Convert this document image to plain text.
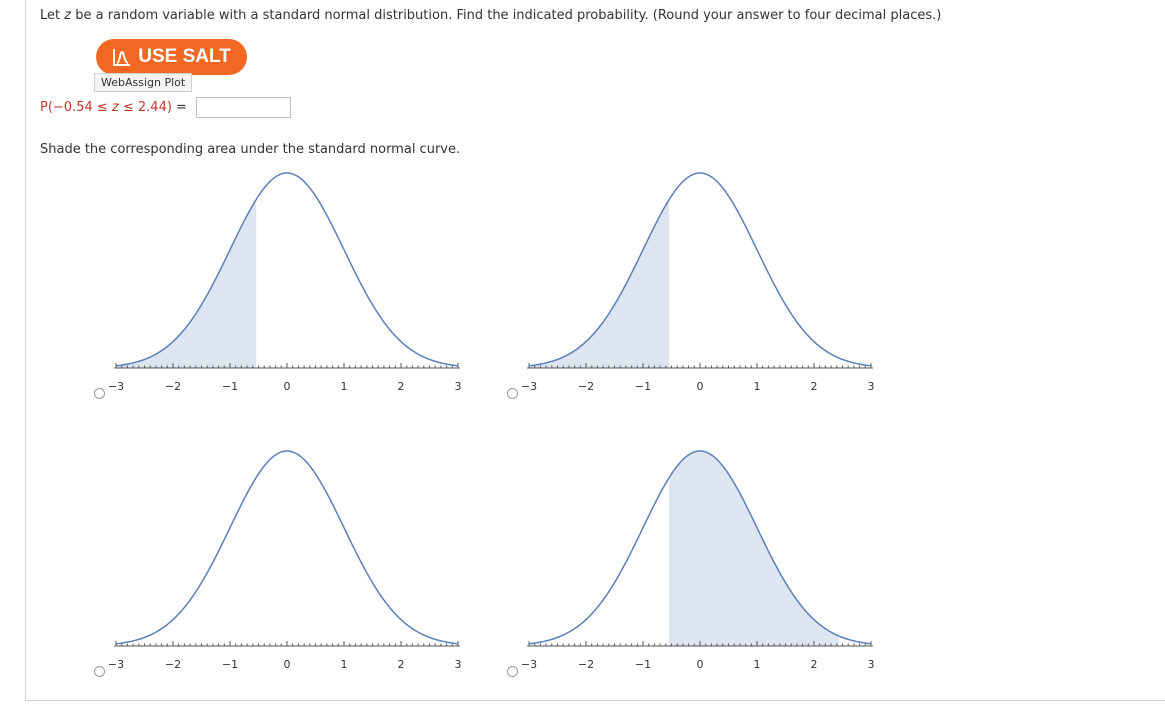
Let z be a random variable with a standard normal distribution. Find the indicated probability. (Round your answer to four decimal places.)
USE SALT
WebAssign Plot
P(−0.54 ≤ z ≤ 2.44) =
Shade the corresponding area under the standard normal curve.
−3	−2	−1	0	1	2	3	−3	−2	−1	0	1	2	3
−3	−2	−1	0	1	2	3	−3	−2	−1	0	1	2	3
